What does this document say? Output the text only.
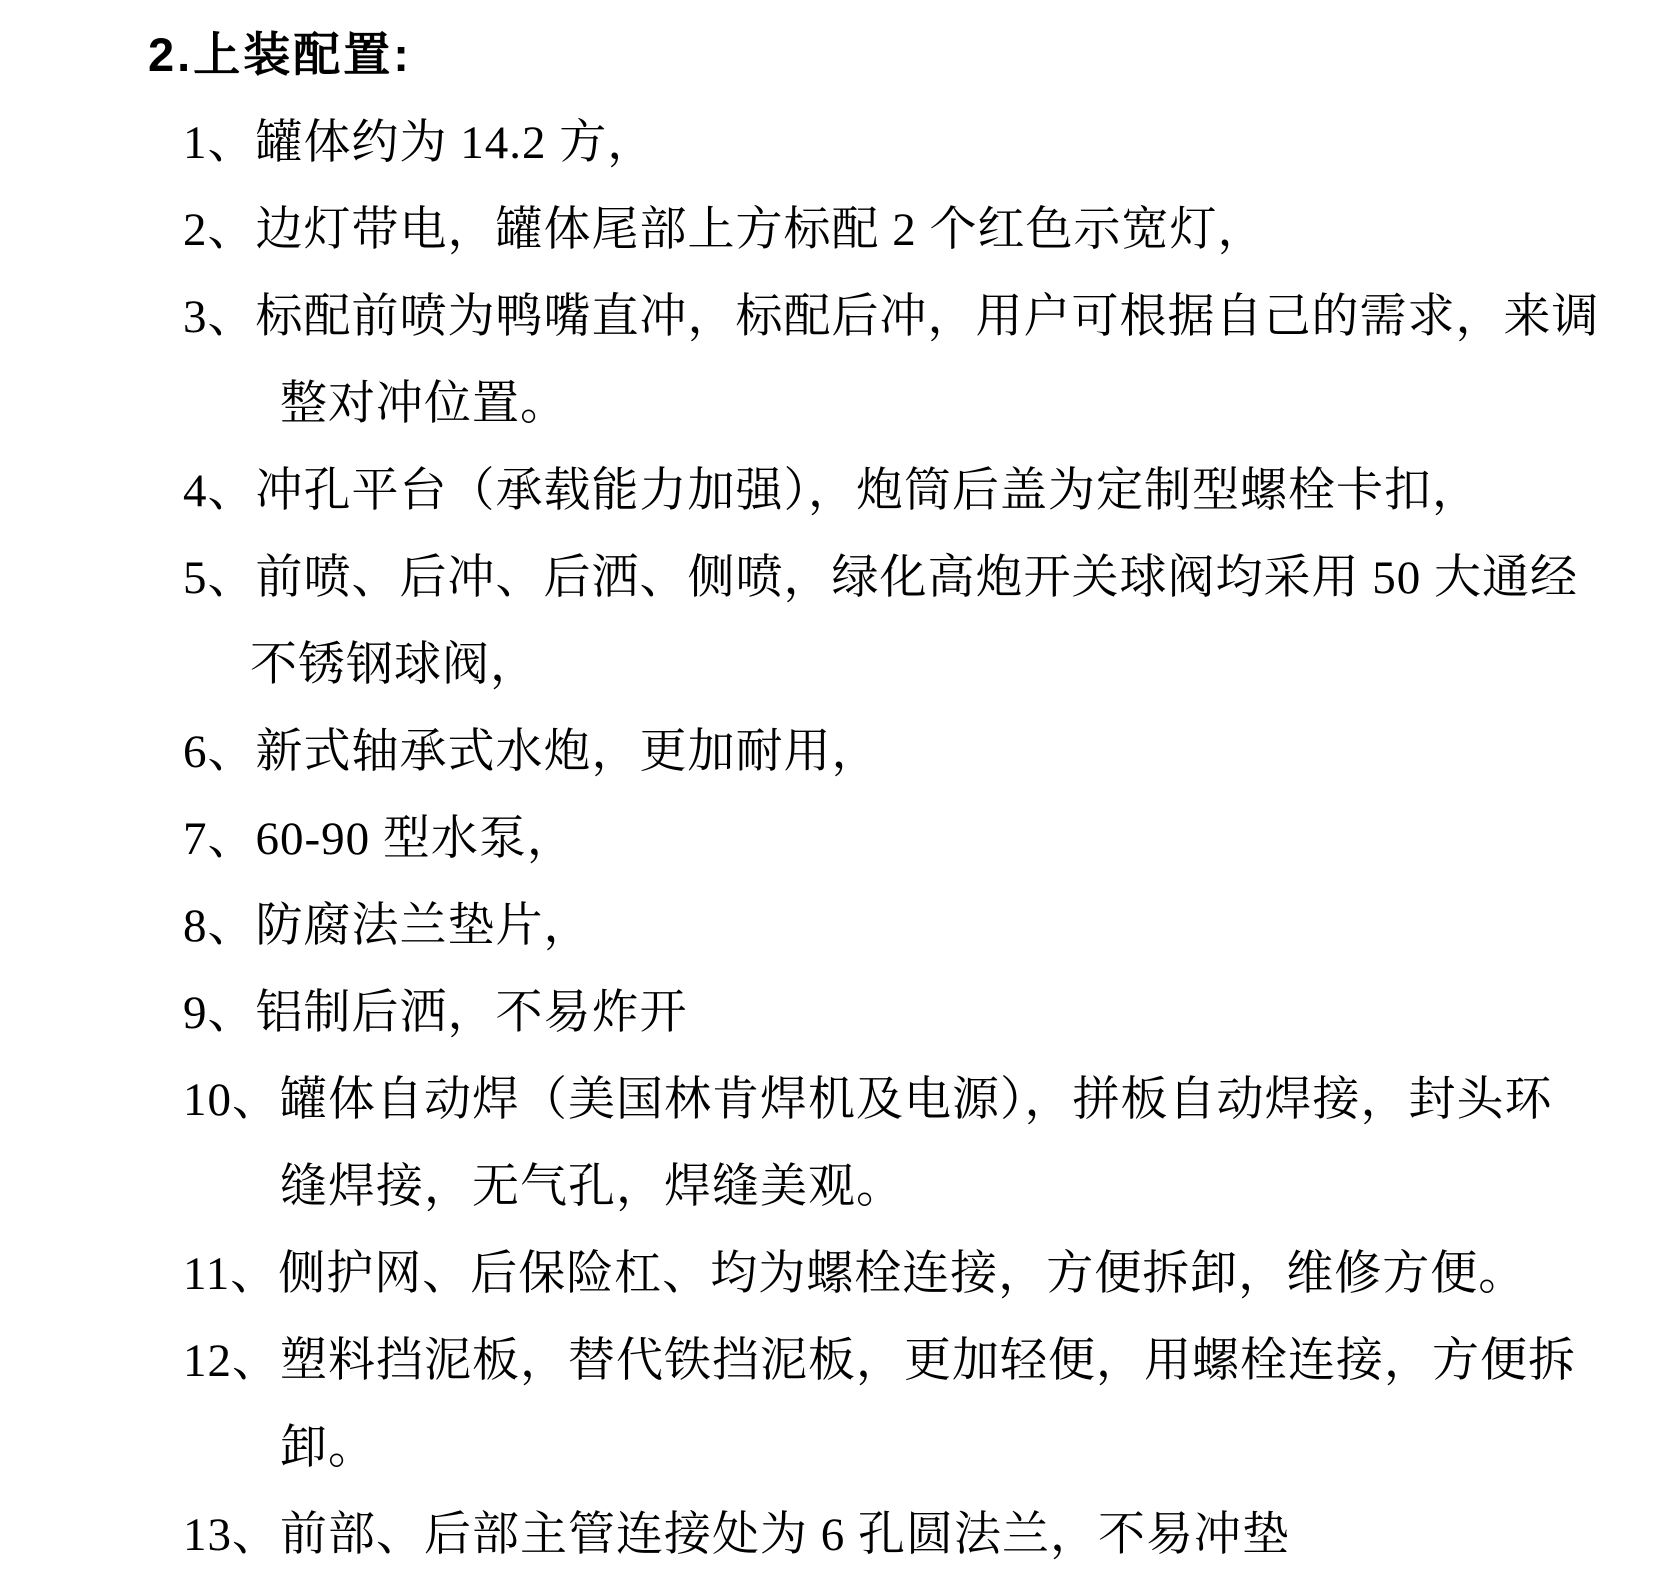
2.上装配置:
1、罐体约为 14.2 方，
2、边灯带电，罐体尾部上方标配 2 个红色示宽灯，
3、标配前喷为鸭嘴直冲，标配后冲，用户可根据自己的需求，来调
整对冲位置。
4、冲孔平台（承载能力加强），炮筒后盖为定制型螺栓卡扣，
5、前喷、后冲、后洒、侧喷，绿化高炮开关球阀均采用 50 大通经
不锈钢球阀，
6、新式轴承式水炮，更加耐用，
7、60-90 型水泵，
8、防腐法兰垫片，
9、铝制后洒，不易炸开
10、罐体自动焊（美国林肯焊机及电源），拼板自动焊接，封头环
缝焊接，无气孔，焊缝美观。
11、侧护网、后保险杠、均为螺栓连接，方便拆卸，维修方便。
12、塑料挡泥板，替代铁挡泥板，更加轻便，用螺栓连接，方便拆
卸。
13、前部、后部主管连接处为 6 孔圆法兰，不易冲垫
